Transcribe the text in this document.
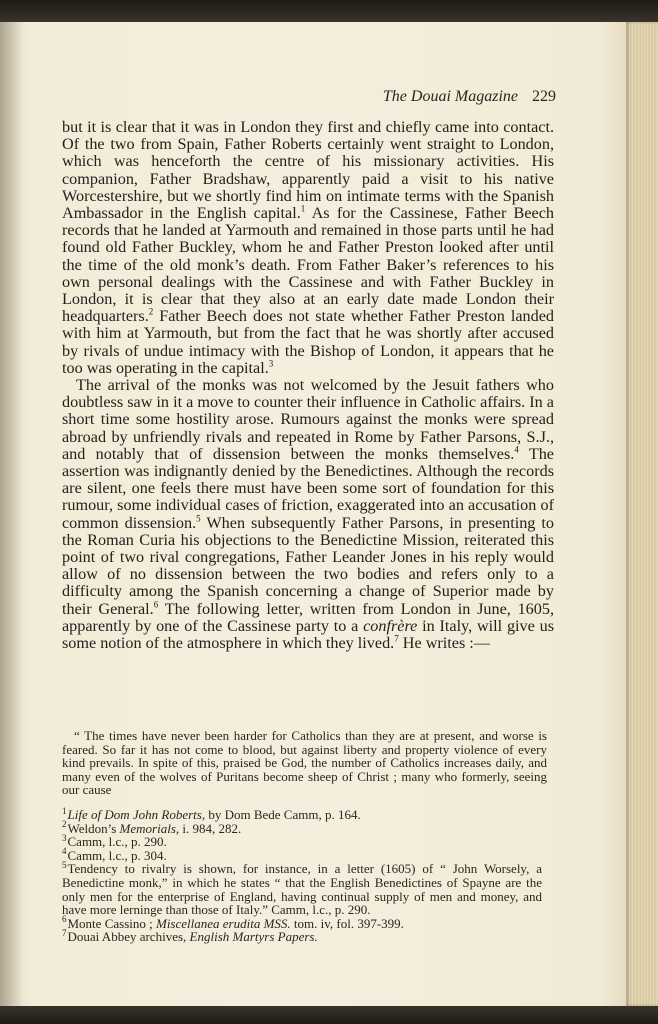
The Douai Magazine 229

but it is clear that it was in London they first and chiefly came into contact. Of the two from Spain, Father Roberts certainly went straight to London, which was henceforth the centre of his missionary activities. His companion, Father Bradshaw, apparently paid a visit to his native Worcestershire, but we shortly find him on intimate terms with the Spanish Ambassador in the English capital.$^1$ As for the Cassinese, Father Beech records that he landed at Yarmouth and remained in those parts until he had found old Father Buckley, whom he and Father Preston looked after until the time of the old monk’s death. From Father Baker’s references to his own personal dealings with the Cassinese and with Father Buckley in London, it is clear that they also at an early date made London their headquarters.$^2$ Father Beech does not state whether Father Preston landed with him at Yarmouth, but from the fact that he was shortly after accused by rivals of undue intimacy with the Bishop of London, it appears that he too was operating in the capital.$^3$

The arrival of the monks was not welcomed by the Jesuit fathers who doubtless saw in it a move to counter their influence in Catholic affairs. In a short time some hostility arose. Rumours against the monks were spread abroad by unfriendly rivals and repeated in Rome by Father Parsons, S.J., and notably that of dissension between the monks themselves.$^4$ The assertion was indignantly denied by the Benedictines. Although the records are silent, one feels there must have been some sort of foundation for this rumour, some individual cases of friction, exaggerated into an accusation of common dissension.$^5$ When subsequently Father Parsons, in presenting to the Roman Curia his objections to the Benedictine Mission, reiterated this point of two rival congregations, Father Leander Jones in his reply would allow of no dissension between the two bodies and refers only to a difficulty among the Spanish concerning a change of Superior made by their General.$^6$ The following letter, written from London in June, 1605, apparently by one of the Cassinese party to a confrère in Italy, will give us some notion of the atmosphere in which they lived.$^7$ He writes :—

“ The times have never been harder for Catholics than they are at present, and worse is feared. So far it has not come to blood, but against liberty and property violence of every kind prevails. In spite of this, praised be God, the number of Catholics increases daily, and many even of the wolves of Puritans become sheep of Christ ; many who formerly, seeing our cause

$^1$Life of Dom John Roberts, by Dom Bede Camm, p. 164.

$^2$Weldon’s Memorials, i. 984, 282.

$^3$Camm, l.c., p. 290.

$^4$Camm, l.c., p. 304.

$^5$Tendency to rivalry is shown, for instance, in a letter (1605) of “ John Worsely, a Benedictine monk,” in which he states “ that the English Benedictines of Spayne are the only men for the enterprise of England, having continual supply of men and money, and have more lerninge than those of Italy.” Camm, l.c., p. 290.

$^6$Monte Cassino ; Miscellanea erudita MSS. tom. iv, fol. 397-399.

$^7$Douai Abbey archives, English Martyrs Papers.
